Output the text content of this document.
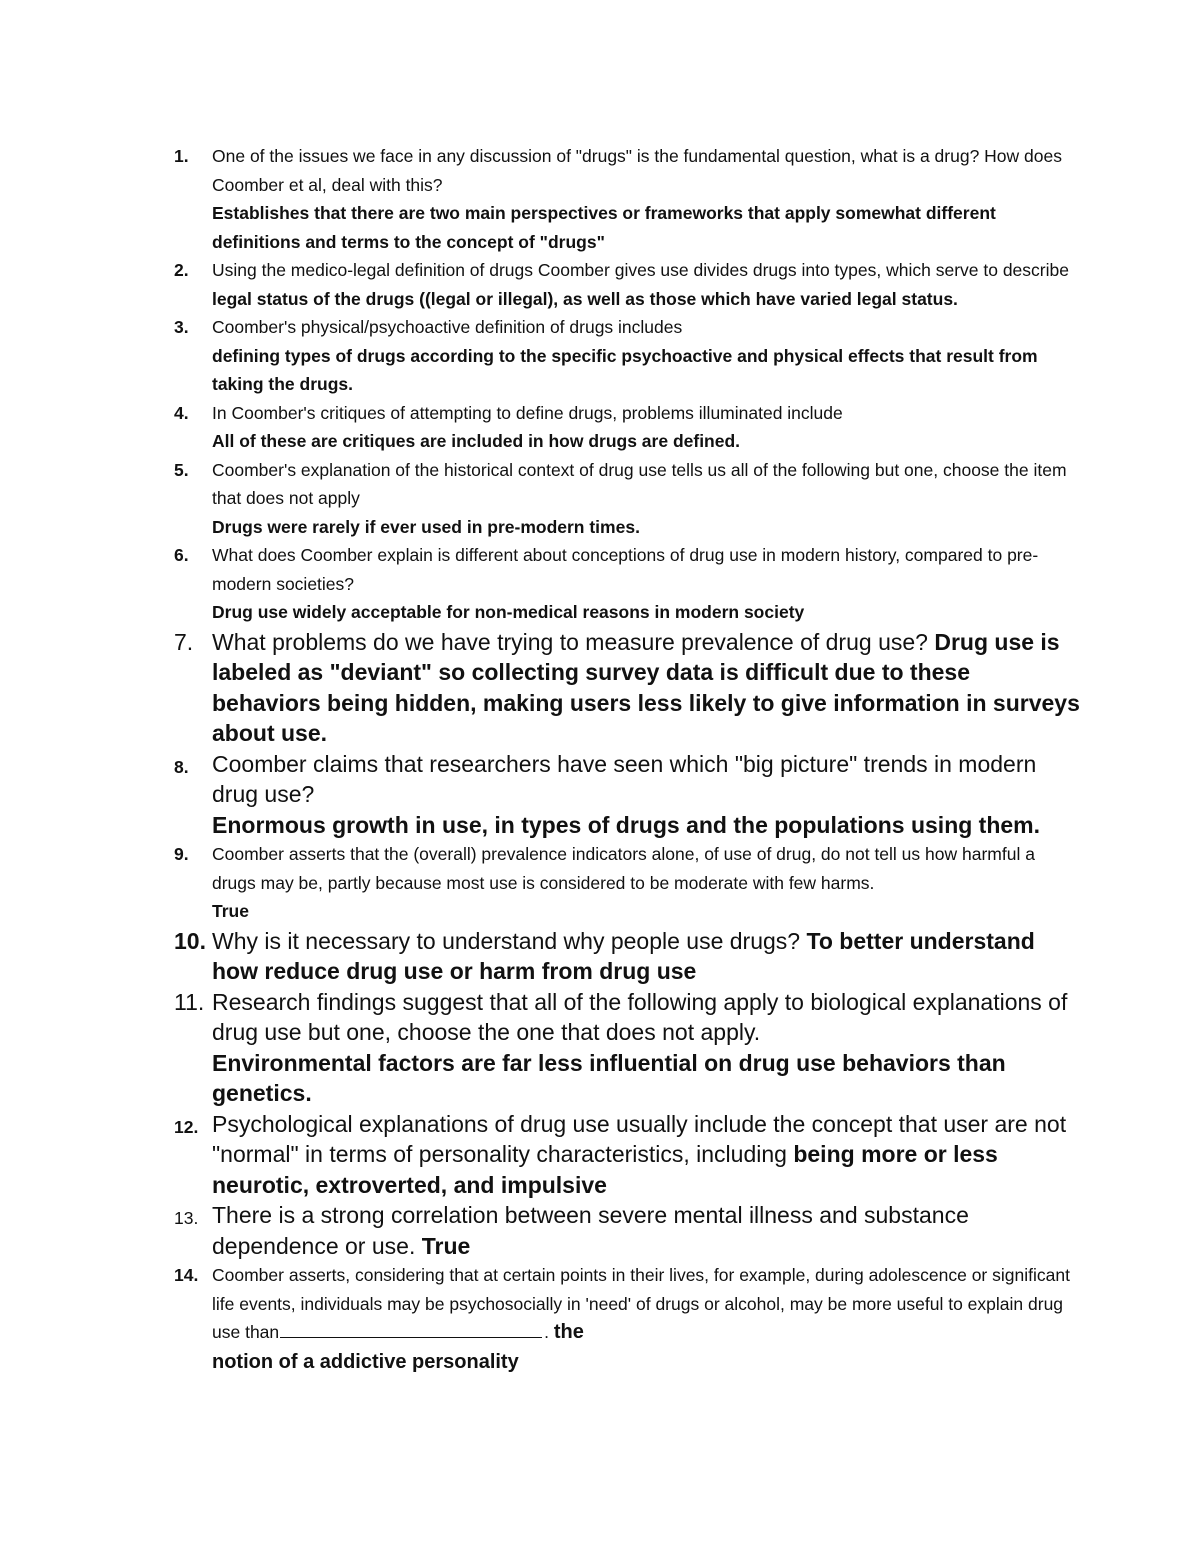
1. One of the issues we face in any discussion of "drugs" is the fundamental question, what is a drug? How does Coomber et al, deal with this?
Establishes that there are two main perspectives or frameworks that apply somewhat different definitions and terms to the concept of "drugs"
2. Using the medico-legal definition of drugs Coomber gives use divides drugs into types, which serve to describe
legal status of the drugs ((legal or illegal), as well as those which have varied legal status.
3. Coomber's physical/psychoactive definition of drugs includes
defining types of drugs according to the specific psychoactive and physical effects that result from taking the drugs.
4. In Coomber's critiques of attempting to define drugs, problems illuminated include
All of these are critiques are included in how drugs are defined.
5. Coomber's explanation of the historical context of drug use tells us all of the following but one, choose the item that does not apply
Drugs were rarely if ever used in pre-modern times.
6. What does Coomber explain is different about conceptions of drug use in modern history, compared to pre-modern societies?
Drug use widely acceptable for non-medical reasons in modern society
7. What problems do we have trying to measure prevalence of drug use? Drug use is labeled as "deviant" so collecting survey data is difficult due to these behaviors being hidden, making users less likely to give information in surveys about use.
8. Coomber claims that researchers have seen which "big picture" trends in modern drug use?
Enormous growth in use, in types of drugs and the populations using them.
9. Coomber asserts that the (overall) prevalence indicators alone, of use of drug, do not tell us how harmful a drugs may be, partly because most use is considered to be moderate with few harms.
True
10. Why is it necessary to understand why people use drugs? To better understand how reduce drug use or harm from drug use
11. Research findings suggest that all of the following apply to biological explanations of drug use but one, choose the one that does not apply.
Environmental factors are far less influential on drug use behaviors than genetics.
12. Psychological explanations of drug use usually include the concept that user are not "normal" in terms of personality characteristics, including being more or less neurotic, extroverted, and impulsive
13. There is a strong correlation between severe mental illness and substance dependence or use. True
14. Coomber asserts, considering that at certain points in their lives, for example, during adolescence or significant life events, individuals may be psychosocially in 'need' of drugs or alcohol, may be more useful to explain drug use than	. the
notion of a addictive personality
